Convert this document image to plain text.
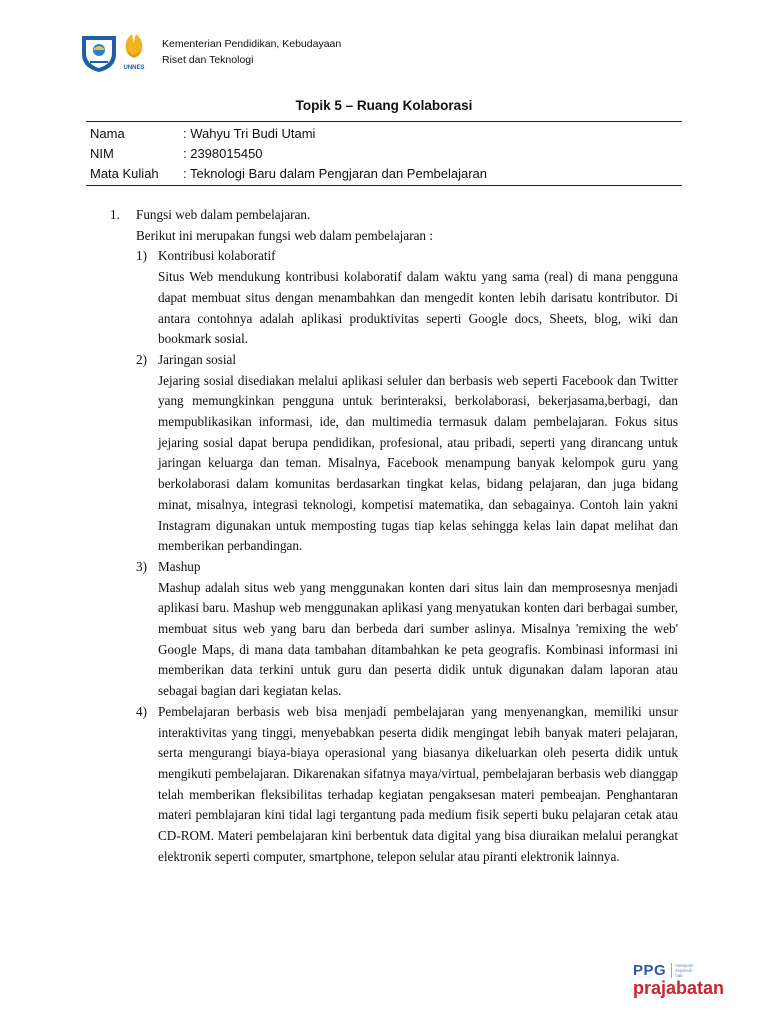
UNNES
Kementerian Pendidikan, Kebudayaan
Riset dan Teknologi
Topik 5 – Ruang Kolaborasi
Nama	: Wahyu Tri Budi Utami
NIM	: 2398015450
Mata Kuliah	: Teknologi Baru dalam Pengjaran dan Pembelajaran
1.	Fungsi web dalam pembelajaran.
Berikut ini merupakan fungsi web dalam pembelajaran :
1) Kontribusi kolaboratif
Situs Web mendukung kontribusi kolaboratif dalam waktu yang sama (real) di mana pengguna dapat membuat situs dengan menambahkan dan mengedit konten lebih darisatu kontributor. Di antara contohnya adalah aplikasi produktivitas seperti Google docs, Sheets, blog, wiki dan bookmark sosial.
2) Jaringan sosial
Jejaring sosial disediakan melalui aplikasi seluler dan berbasis web seperti Facebook dan Twitter yang memungkinkan pengguna untuk berinteraksi, berkolaborasi, bekerjasama,berbagi, dan mempublikasikan informasi, ide, dan multimedia termasuk dalam pembelajaran. Fokus situs jejaring sosial dapat berupa pendidikan, profesional, atau pribadi, seperti yang dirancang untuk jaringan keluarga dan teman. Misalnya, Facebook menampung banyak kelompok guru yang berkolaborasi dalam komunitas berdasarkan tingkat kelas, bidang pelajaran, dan juga bidang minat, misalnya, integrasi teknologi, kompetisi matematika, dan sebagainya. Contoh lain yakni Instagram digunakan untuk memposting tugas tiap kelas sehingga kelas lain dapat melihat dan memberikan perbandingan.
3) Mashup
Mashup adalah situs web yang menggunakan konten dari situs lain dan memprosesnya menjadi aplikasi baru. Mashup web menggunakan aplikasi yang menyatukan konten dari berbagai sumber, membuat situs web yang baru dan berbeda dari sumber aslinya. Misalnya 'remixing the web' Google Maps, di mana data tambahan ditambahkan ke peta geografis. Kombinasi informasi ini memberikan data terkini untuk guru dan peserta didik untuk digunakan dalam laporan atau sebagai bagian dari kegiatan kelas.
4) Pembelajaran berbasis web bisa menjadi pembelajaran yang menyenangkan, memiliki unsur interaktivitas yang tinggi, menyebabkan peserta didik mengingat lebih banyak materi pelajaran, serta mengurangi biaya-biaya operasional yang biasanya dikeluarkan oleh peserta didik untuk mengikuti pembelajaran. Dikarenakan sifatnya maya/virtual, pembelajaran berbasis web dianggap telah memberikan fleksibilitas terhadap kegiatan pengaksesan materi pembeajan. Penghantaran materi pemblajaran kini tidal lagi tergantung pada medium fisik seperti buku pelajaran cetak atau CD-ROM. Materi pembelajaran kini berbentuk data digital yang bisa diuraikan melalui perangkat elektronik seperti computer, smartphone, telepon selular atau piranti elektronik lainnya.
PPG	melayani sepenuh hati
prajabatan
